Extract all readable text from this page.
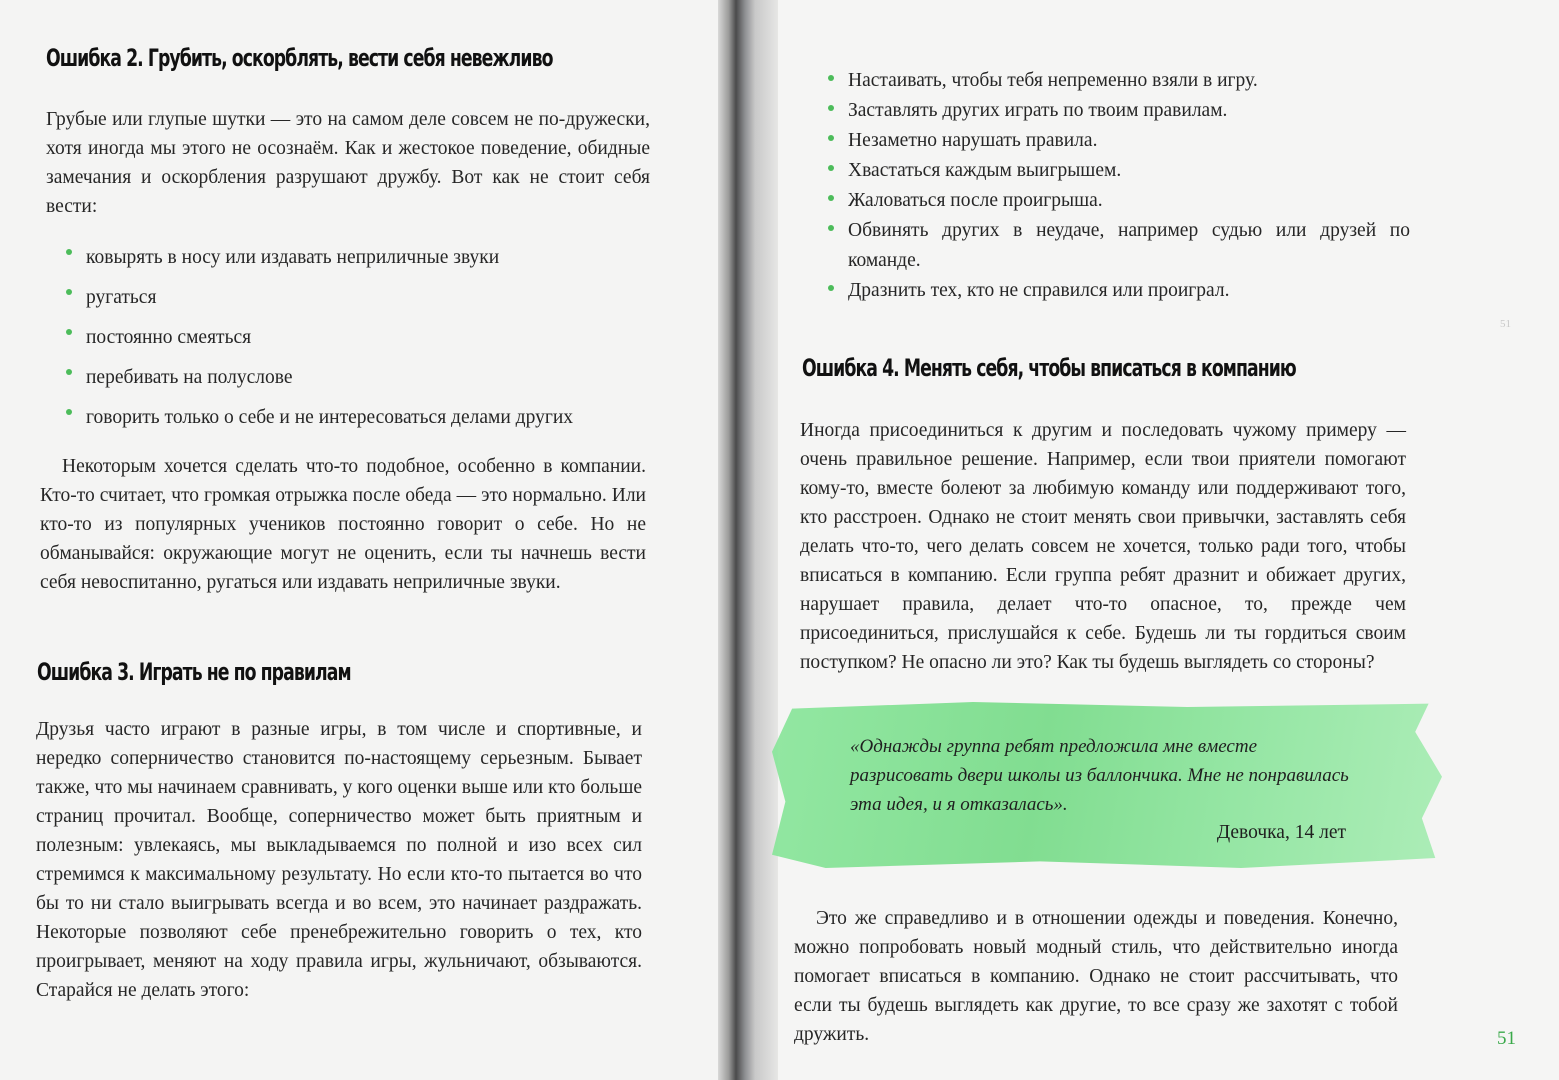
Ошибка 2. Грубить, оскорблять, вести себя невежливо

Грубые или глупые шутки — это на самом деле совсем не по-дружески, хотя иногда мы этого не осознаём. Как и жестокое поведение, обидные замечания и оскорбления разрушают дружбу. Вот как не стоит себя вести:

ковырять в носу или издавать неприличные звуки
ругаться
постоянно смеяться
перебивать на полуслове
говорить только о себе и не интересоваться делами других

Некоторым хочется сделать что-то подобное, особенно в компании. Кто-то считает, что громкая отрыжка после обеда — это нормально. Или кто-то из популярных учеников постоянно говорит о себе. Но не обманывайся: окружающие могут не оценить, если ты начнешь вести себя невоспитанно, ругаться или издавать неприличные звуки.

Ошибка 3. Играть не по правилам

Друзья часто играют в разные игры, в том числе и спортивные, и нередко соперничество становится по-настоящему серьезным. Бывает также, что мы начинаем сравнивать, у кого оценки выше или кто больше страниц прочитал. Вообще, соперничество может быть приятным и полезным: увлекаясь, мы выкладываемся по полной и изо всех сил стремимся к максимальному результату. Но если кто-то пытается во что бы то ни стало выигрывать всегда и во всем, это начинает раздражать. Некоторые позволяют себе пренебрежительно говорить о тех, кто проигрывает, меняют на ходу правила игры, жульничают, обзываются. Старайся не делать этого:

Настаивать, чтобы тебя непременно взяли в игру.
Заставлять других играть по твоим правилам.
Незаметно нарушать правила.
Хвастаться каждым выигрышем.
Жаловаться после проигрыша.
Обвинять других в неудаче, например судью или друзей по команде.
Дразнить тех, кто не справился или проиграл.
Ошибка 4. Менять себя, чтобы вписаться в компанию

Иногда присоединиться к другим и последовать чужому примеру — очень правильное решение. Например, если твои приятели помогают кому-то, вместе болеют за любимую команду или поддерживают того, кто расстроен. Однако не стоит менять свои привычки, заставлять себя делать что-то, чего делать совсем не хочется, только ради того, чтобы вписаться в компанию. Если группа ребят дразнит и обижает других, нарушает правила, делает что-то опасное, то, прежде чем присоединиться, прислушайся к себе. Будешь ли ты гордиться своим поступком? Не опасно ли это? Как ты будешь выглядеть со стороны?

«Однажды группа ребят предложила мне вместе разрисовать двери школы из баллончика. Мне не понравилась эта идея, и я отказалась».

Девочка, 14 лет

Это же справедливо и в отношении одежды и поведения. Конечно, можно попробовать новый модный стиль, что действительно иногда помогает вписаться в компанию. Однако не стоит рассчитывать, что если ты будешь выглядеть как другие, то все сразу же захотят с тобой дружить.

51
51
